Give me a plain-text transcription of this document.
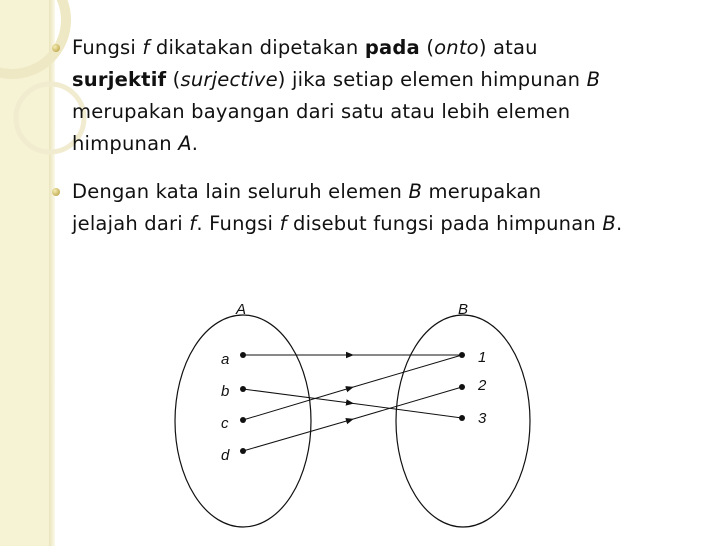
Fungsi f dikatakan dipetakan pada (onto) atau
surjektif (surjective) jika setiap elemen himpunan B
merupakan bayangan dari satu atau lebih elemen
himpunan A.
Dengan kata lain seluruh elemen B merupakan
jelajah dari f. Fungsi f disebut fungsi pada himpunan B.
A	B
a
b
c
d
1
2
3
